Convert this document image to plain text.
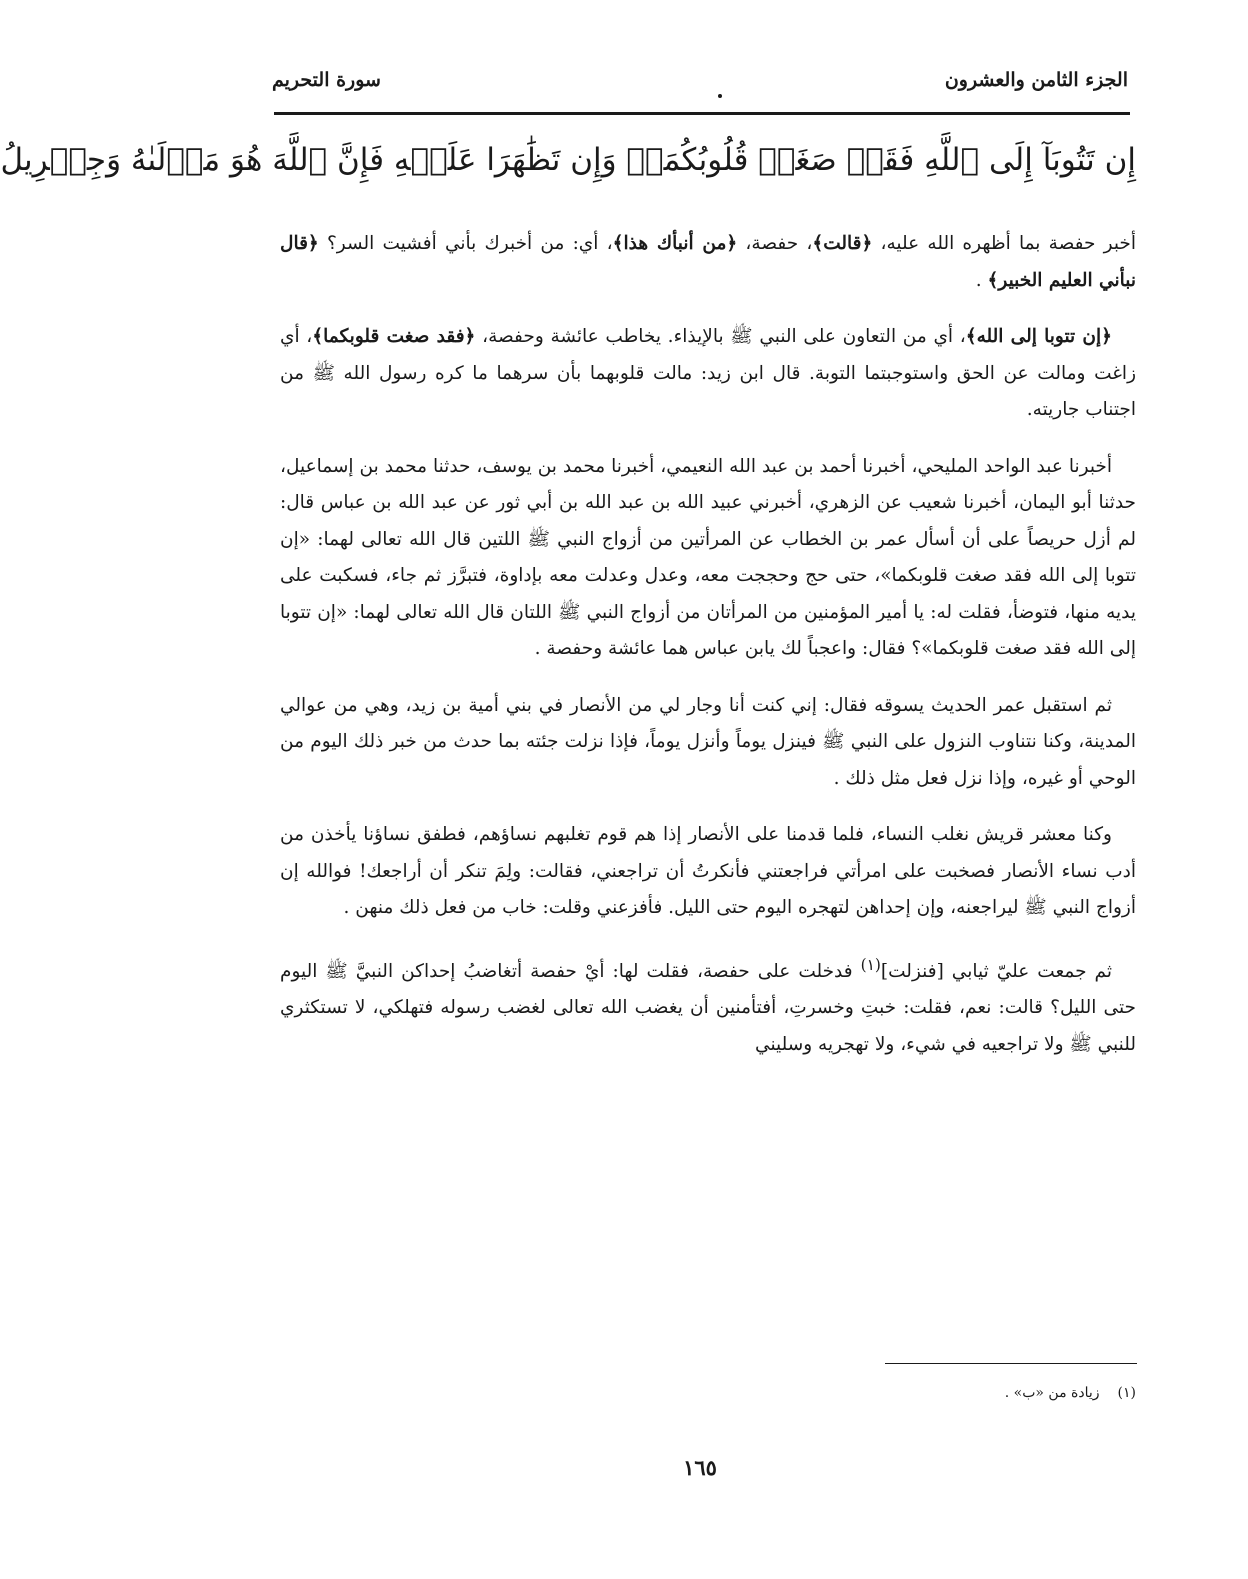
الجزء الثامن والعشرون
سورة التحريم
إِن تَتُوبَآ إِلَى ٱللَّهِ فَقَدۡ صَغَتۡ قُلُوبُكُمَاۖ وَإِن تَظَٰهَرَا عَلَيۡهِ فَإِنَّ ٱللَّهَ هُوَ مَوۡلَىٰهُ وَجِبۡرِيلُ

أخبر حفصة بما أظهره الله عليه، ﴿قالت﴾، حفصة، ﴿من أنبأك هذا﴾، أي: من أخبرك بأني أفشيت السر؟ ﴿قال نبأني العليم الخبير﴾ .

﴿إن تتوبا إلى الله﴾، أي من التعاون على النبي ﷺ بالإيذاء. يخاطب عائشة وحفصة، ﴿فقد صغت قلوبكما﴾، أي زاغت ومالت عن الحق واستوجبتما التوبة. قال ابن زيد: مالت قلوبهما بأن سرهما ما كره رسول الله ﷺ من اجتناب جاريته.

أخبرنا عبد الواحد المليحي، أخبرنا أحمد بن عبد الله النعيمي، أخبرنا محمد بن يوسف، حدثنا محمد بن إسماعيل، حدثنا أبو اليمان، أخبرنا شعيب عن الزهري، أخبرني عبيد الله بن عبد الله بن أبي ثور عن عبد الله بن عباس قال: لم أزل حريصاً على أن أسأل عمر بن الخطاب عن المرأتين من أزواج النبي ﷺ اللتين قال الله تعالى لهما: «إن تتوبا إلى الله فقد صغت قلوبكما»، حتى حج وحججت معه، وعدل وعدلت معه بإداوة، فتبرَّز ثم جاء، فسكبت على يديه منها، فتوضأ، فقلت له: يا أمير المؤمنين من المرأتان من أزواج النبي ﷺ اللتان قال الله تعالى لهما: «إن تتوبا إلى الله فقد صغت قلوبكما»؟ فقال: واعجباً لك يابن عباس هما عائشة وحفصة .

ثم استقبل عمر الحديث يسوقه فقال: إني كنت أنا وجار لي من الأنصار في بني أمية بن زيد، وهي من عوالي المدينة، وكنا نتناوب النزول على النبي ﷺ فينزل يوماً وأنزل يوماً، فإذا نزلت جئته بما حدث من خبر ذلك اليوم من الوحي أو غيره، وإذا نزل فعل مثل ذلك .

وكنا معشر قريش نغلب النساء، فلما قدمنا على الأنصار إذا هم قوم تغلبهم نساؤهم، فطفق نساؤنا يأخذن من أدب نساء الأنصار فصخبت على امرأتي فراجعتني فأنكرتُ أن تراجعني، فقالت: ولِمَ تنكر أن أراجعك! فوالله إن أزواج النبي ﷺ ليراجعنه، وإن إحداهن لتهجره اليوم حتى الليل. فأفزعني وقلت: خاب من فعل ذلك منهن .

ثم جمعت عليّ ثيابي [فنزلت]$^{(١)}$ فدخلت على حفصة، فقلت لها: أيْ حفصة أتغاضبُ إحداكن النبيَّ ﷺ اليوم حتى الليل؟ قالت: نعم، فقلت: خبتِ وخسرتِ، أفتأمنين أن يغضب الله تعالى لغضب رسوله فتهلكي، لا تستكثري للنبي ﷺ ولا تراجعيه في شيء، ولا تهجريه وسليني

(١)
زيادة من «ب» .
١٦٥
